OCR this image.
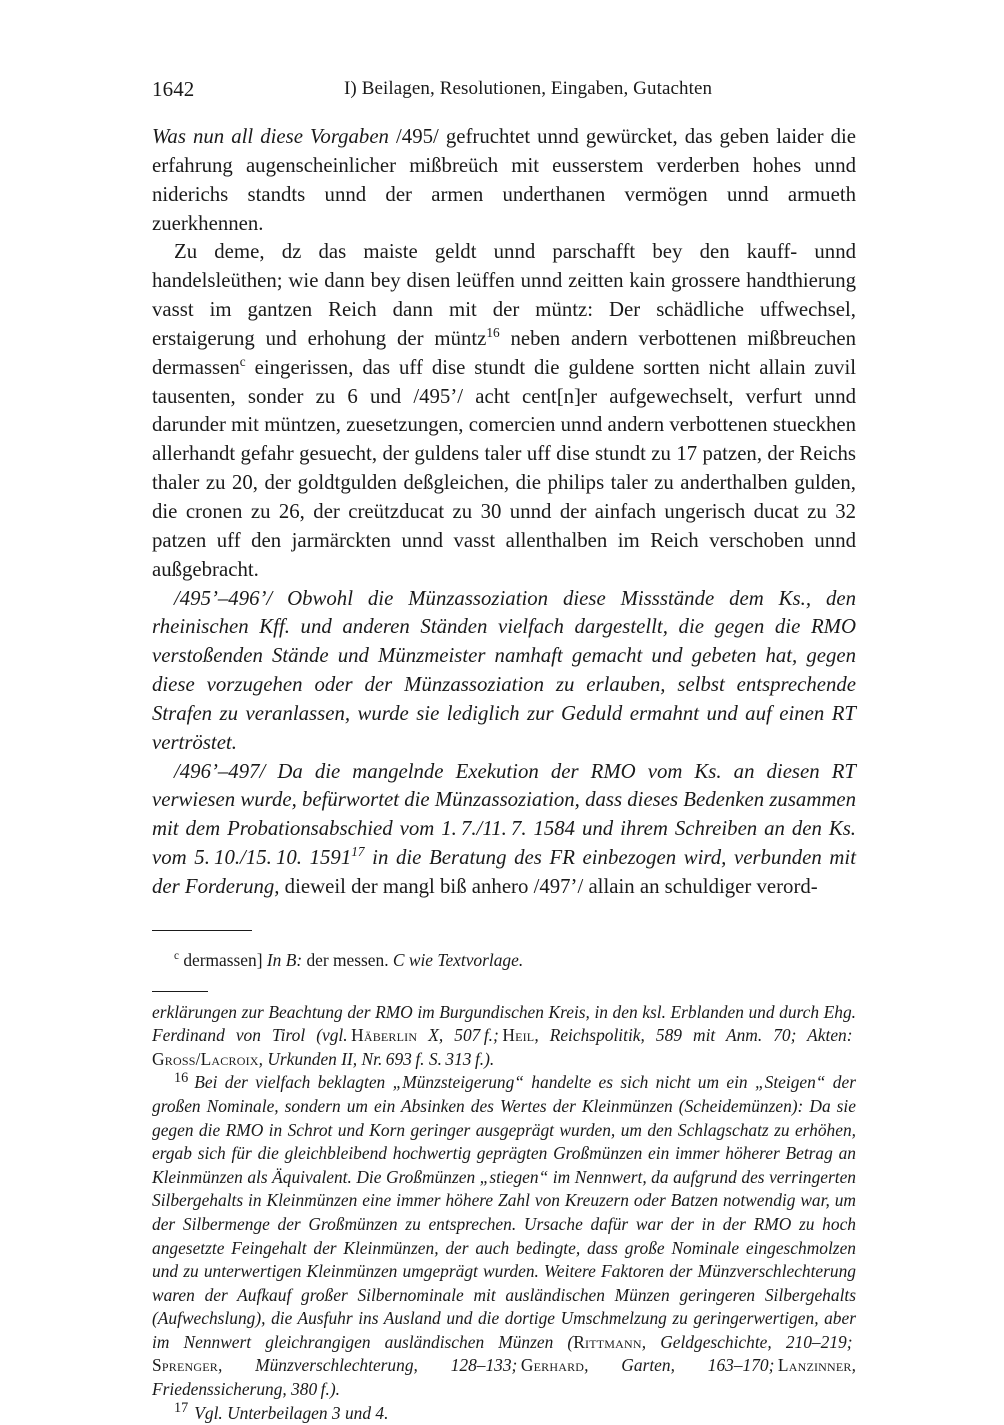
1642	I) Beilagen, Resolutionen, Eingaben, Gutachten

Was nun all diese Vorgaben /495/ gefruchtet unnd gewürcket, das geben laider die erfahrung augenscheinlicher mißbreüch mit eusserstem verderben hohes unnd niderichs standts unnd der armen underthanen vermögen unnd armueth zuerkhennen.

Zu deme, dz das maiste geldt unnd parschafft bey den kauff- unnd handelsleüthen; wie dann bey disen leüffen unnd zeitten kain grossere handthierung vasst im gantzen Reich dann mit der müntz: Der schädliche uffwechsel, erstaigerung und erhohung der müntz$^{16}$ neben andern verbottenen mißbreuchen dermassen$^c$ eingerissen, das uff dise stundt die guldene sortten nicht allain zuvil tausenten, sonder zu 6 und /495’/ acht cent[n]er aufgewechselt, verfurt unnd darunder mit müntzen, zuesetzungen, comercien unnd andern verbottenen stueckhen allerhandt gefahr gesuecht, der guldens taler uff dise stundt zu 17 patzen, der Reichs thaler zu 20, der goldtgulden deßgleichen, die philips taler zu anderthalben gulden, die cronen zu 26, der creützducat zu 30 unnd der ainfach ungerisch ducat zu 32 patzen uff den jarmärckten unnd vasst allenthalben im Reich verschoben unnd außgebracht.

/495’–496’/ Obwohl die Münzassoziation diese Missstände dem Ks., den rheinischen Kff. und anderen Ständen vielfach dargestellt, die gegen die RMO verstoßenden Stände und Münzmeister namhaft gemacht und gebeten hat, gegen diese vorzugehen oder der Münzassoziation zu erlauben, selbst entsprechende Strafen zu veranlassen, wurde sie lediglich zur Geduld ermahnt und auf einen RT vertröstet.

/496’–497/ Da die mangelnde Exekution der RMO vom Ks. an diesen RT verwiesen wurde, befürwortet die Münzassoziation, dass dieses Bedenken zusammen mit dem Probationsabschied vom 1. 7./11. 7. 1584 und ihrem Schreiben an den Ks. vom 5. 10./15. 10. 1591$^{17}$ in die Beratung des FR einbezogen wird, verbunden mit der Forderung, dieweil der mangl biß anhero /497’/ allain an schuldiger verord-

$^c$ dermassen] In B: der messen. C wie Textvorlage.

erklärungen zur Beachtung der RMO im Burgundischen Kreis, in den ksl. Erblanden und durch Ehg. Ferdinand von Tirol (vgl. Häberlin X, 507 f.; Heil, Reichspolitik, 589 mit Anm. 70; Akten: Gross/Lacroix, Urkunden II, Nr. 693 f. S. 313 f.).

$^{16}$ Bei der vielfach beklagten „Münzsteigerung“ handelte es sich nicht um ein „Steigen“ der großen Nominale, sondern um ein Absinken des Wertes der Kleinmünzen (Scheidemünzen): Da sie gegen die RMO in Schrot und Korn geringer ausgeprägt wurden, um den Schlagschatz zu erhöhen, ergab sich für die gleichbleibend hochwertig geprägten Großmünzen ein immer höherer Betrag an Kleinmünzen als Äquivalent. Die Großmünzen „stiegen“ im Nennwert, da aufgrund des verringerten Silbergehalts in Kleinmünzen eine immer höhere Zahl von Kreuzern oder Batzen notwendig war, um der Silbermenge der Großmünzen zu entsprechen. Ursache dafür war der in der RMO zu hoch angesetzte Feingehalt der Kleinmünzen, der auch bedingte, dass große Nominale eingeschmolzen und zu unterwertigen Kleinmünzen umgeprägt wurden. Weitere Faktoren der Münzverschlechterung waren der Aufkauf großer Silbernominale mit ausländischen Münzen geringeren Silbergehalts (Aufwechslung), die Ausfuhr ins Ausland und die dortige Umschmelzung zu geringerwertigen, aber im Nennwert gleichrangigen ausländischen Münzen (Rittmann, Geldgeschichte, 210–219; Sprenger, Münzverschlechterung, 128–133; Gerhard, Garten, 163–170; Lanzinner, Friedenssicherung, 380 f.).

$^{17}$ Vgl. Unterbeilagen 3 und 4.
